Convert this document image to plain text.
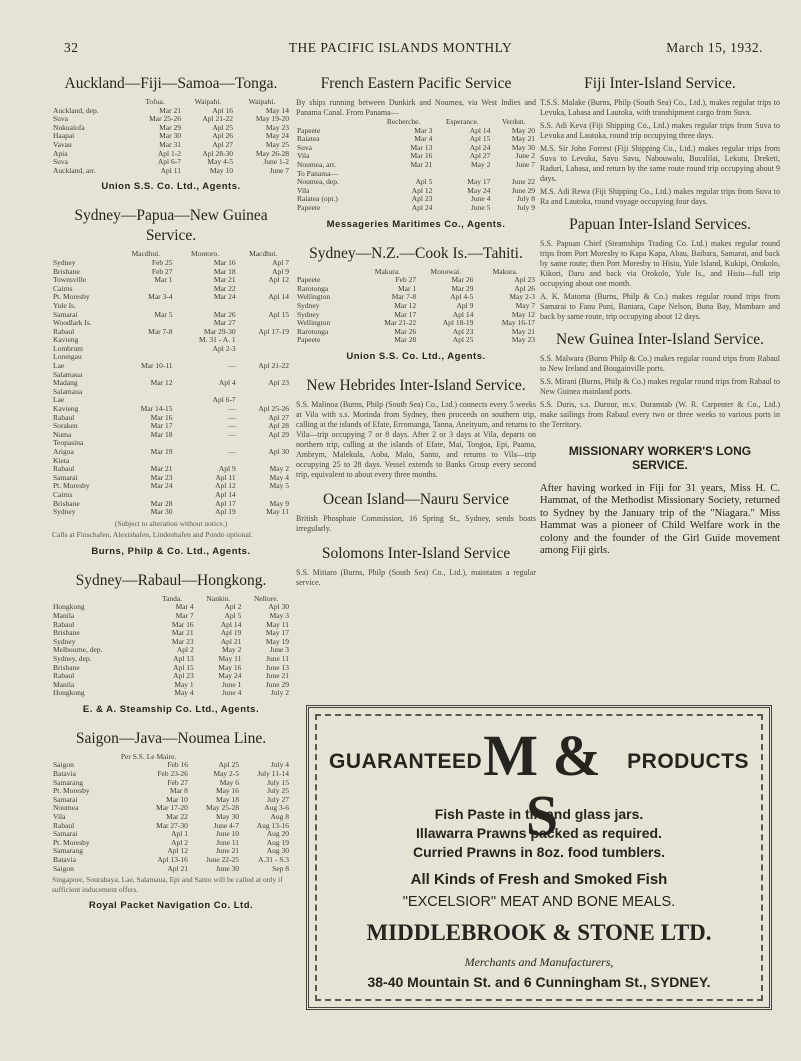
32	THE PACIFIC ISLANDS MONTHLY	March 15, 1932.
Auckland—Fiji—Samoa—Tonga.
	Tofua.	Waipahi.	Waipahi.
Auckland, dep.	Mar 21	Apl 16	May 14
Suva	Mar 25-26	Apl 21-22	May 19-20
Nukualofa	Mar 29	Apl 25	May 23
Haapai	Mar 30	Apl 26	May 24
Vavau	Mar 31	Apl 27	May 25
Apia	Apl 1-2	Apl 28-30	May 26-28
Suva	Apl 6-7	May 4-5	June 1-2
Auckland, arr.	Apl 11	May 10	June 7
Union S.S. Co. Ltd., Agents.
Sydney—Papua—New Guinea Service.
	Macdhui.	Montoro.	Macdhui.
Sydney	Feb 25	Mar 16	Apl 7
Brisbane	Feb 27	Mar 18	Apl 9
Townsville	Mar 1	Mar 21	Apl 12
Cairns		Mar 22	
Pt. Moresby	Mar 3-4	Mar 24	Apl 14
Yule Is.			
Samarai	Mar 5	Mar 26	Apl 15
Woodlark Is.		Mar 27	
Rabaul	Mar 7-8	Mar 29-30	Apl 17-19
Kavieng		M. 31 - A. 1	
Lombrum		Apl 2-3	
Lorengau			
Lae	Mar 10-11	—	Apl 21-22
Salamaua			
Madang	Mar 12	Apl 4	Apl 23
Salamaua			
Lae		Apl 6-7	
Kavieng	Mar 14-15	—	Apl 25-26
Rabaul	Mar 16	—	Apl 27
Soraken	Mar 17	—	Apl 28
Numa	Mar 18	—	Apl 29
Teopasina			
Arigua	Mar 19	—	Apl 30
Kieta			
Rabaul	Mar 21	Apl 9	May 2
Samarai	Mar 23	Apl 11	May 4
Pt. Moresby	Mar 24	Apl 12	May 5
Cairns		Apl 14	
Brisbane	Mar 28	Apl 17	May 9
Sydney	Mar 30	Apl 19	May 11

(Subject to alteration without notice.)

Calls at Finschafen, Alexishafen, Lindenhafen and Pondo optional.

Burns, Philp & Co. Ltd., Agents.
Sydney—Rabaul—Hongkong.
	Tanda.	Nankin.	Nellore.
Hongkong	Mar 4	Apl 2	Apl 30
Manila	Mar 7	Apl 5	May 3
Rabaul	Mar 16	Apl 14	May 11
Brisbane	Mar 21	Apl 19	May 17
Sydney	Mar 23	Apl 21	May 19
Melbourne, dep.	Apl 2	May 2	June 3
Sydney, dep.	Apl 13	May 11	June 11
Brisbane	Apl 15	May 16	June 13
Rabaul	Apl 23	May 24	June 21
Manila	May 1	June 1	June 29
Hongkong	May 4	June 4	July 2
E. & A. Steamship Co. Ltd., Agents.
Saigon—Java—Noumea Line.
	Per S.S. Le Maire.		
Saigon	Feb 16	Apl 25	July 4
Batavia	Feb 23-26	May 2-5	July 11-14
Samarang	Feb 27	May 6	July 15
Pt. Moresby	Mar 8	May 16	July 25
Samarai	Mar 10	May 18	July 27
Noumea	Mar 17-20	May 25-28	Aug 3-6
Vila	Mar 22	May 30	Aug 8
Rabaul	Mar 27-30	June 4-7	Aug 13-16
Samarai	Apl 1	June 10	Aug 20
Pt. Moresby	Apl 2	June 11	Aug 19
Samarang	Apl 12	June 21	Aug 30
Batavia	Apl 13-16	June 22-25	A.31 - S.3
Saigon	Apl 21	June 30	Sep 8

Singapore, Sourabaya, Lae, Salamaua, Epi and Santo will be called at only if sufficient inducement offers.

Royal Packet Navigation Co. Ltd.
French Eastern Pacific Service

By ships running between Dunkirk and Noumea, via West Indies and Panama Canal. From Panama—

	Recherche.	Esperance.	Verdun.
Papeete	Mar 3	Apl 14	May 20
Raiatea	Mar 4	Apl 15	May 21
Suva	Mar 13	Apl 24	May 30
Vila	Mar 16	Apl 27	June 2
Noumea, arr.	Mar 21	May 2	June 7
To Panama—			
Noumea, dep.	Apl 5	May 17	June 22
Vila	Apl 12	May 24	June 29
Raiatea (opt.)	Apl 23	June 4	July 8
Papeete	Apl 24	June 5	July 9
Messageries Maritimes Co., Agents.
Sydney—N.Z.—Cook Is.—Tahiti.
	Makura.	Monowai.	Makura.
Papeete	Feb 27	Mar 26	Apl 23
Rarotonga	Mar 1	Mar 29	Apl 26
Wellington	Mar 7-8	Apl 4-5	May 2-3
Sydney	Mar 12	Apl 9	May 7
Sydney	Mar 17	Apl 14	May 12
Wellington	Mar 21-22	Apl 18-19	May 16-17
Rarotonga	Mar 26	Apl 23	May 21
Papeete	Mar 28	Apl 25	May 23
Union S.S. Co. Ltd., Agents.
New Hebrides Inter-Island Service.

S.S. Malinoa (Burns, Philp (South Sea) Co., Ltd.) connects every 5 weeks at Vila with s.s. Morinda from Sydney, then proceeds on southern trip, calling at the islands of Efate, Erromanga, Tanna, Aneityum, and returns to Vila—trip occupying 7 or 8 days. After 2 or 3 days at Vila, departs on northern trip, calling at the islands of Efate, Mai, Tongoa, Epi, Paama, Ambrym, Malekula, Aoba, Malo, Santo, and returns to Vila—trip occupying 25 to 28 days. Vessel extends to Banks Group every second trip, equivalent to about every three months.

Ocean Island—Nauru Service

British Phosphate Commission, 16 Spring St., Sydney, sends boats irregularly.

Solomons Inter-Island Service

S.S. Mitiaro (Burns, Philp (South Sea) Co., Ltd.), maintains a regular service.

Fiji Inter-Island Service.

T.S.S. Malake (Burns, Philp (South Sea) Co., Ltd.), makes regular trips to Levuka, Labasa and Lautoka, with transhipment cargo from Suva.

S.S. Adi Keva (Fiji Shipping Co., Ltd.) makes regular trips from Suva to Levuka and Lautoka, round trip occupying three days.

M.S. Sir John Forrest (Fiji Shipping Co., Ltd.) makes regular trips from Suva to Levuka, Savu Savu, Nabouwalu, Bucalilai, Lekutu, Dreketi, Raduri, Labasa, and return by the same route round trip occupying about 9 days.

M.S. Adi Rewa (Fiji Shipping Co., Ltd.) makes regular trips from Suva to Ra and Lautoka, round voyage occupying four days.

Papuan Inter-Island Services.

S.S. Papuan Chief (Steamships Trading Co. Ltd.) makes regular round trips from Port Moresby to Kapa Kapa, Abau, Baibara, Samarai, and back by same route; then Port Moresby to Hisiu, Yule Island, Kukipi, Orokolo, Kikori, Daru and back via Orokolo, Yule Is., and Hisiu—full trip occupying about one month.

A. K. Matoma (Burns, Philp & Co.) makes regular round trips from Samarai to Fanu Puni, Baniara, Cape Nelson, Buna Bay, Mambare and back by same route, trip occupying about 12 days.

New Guinea Inter-Island Service.

S.S. Malwara (Burns Philp & Co.) makes regular round trips from Rabaul to New Ireland and Bougainville ports.

S.S. Mirani (Burns, Philp & Co.) makes regular round trips from Rabaul to New Guinea mainland ports.

S.S. Duris, s.s. Durour, m.v. Duramtab (W. R. Carpenter & Co., Ltd.) make sailings from Rabaul every two or three weeks to various ports in the Territory.

MISSIONARY WORKER'S LONG SERVICE.

After having worked in Fiji for 31 years, Miss H. C. Hammat, of the Methodist Missionary Society, returned to Sydney by the January trip of the "Niagara." Miss Hammat was a pioneer of Child Welfare work in the colony and the founder of the Girl Guide movement among Fiji girls.

GUARANTEED M & S
PRODUCTS
Fish Paste in tin and glass jars.
Illawarra Prawns packed as required.
Curried Prawns in 8oz. food tumblers.
All Kinds of Fresh and Smoked Fish
"EXCELSIOR" MEAT AND BONE MEALS.
MIDDLEBROOK & STONE LTD.
Merchants and Manufacturers,
38-40 Mountain St. and 6 Cunningham St., SYDNEY.
